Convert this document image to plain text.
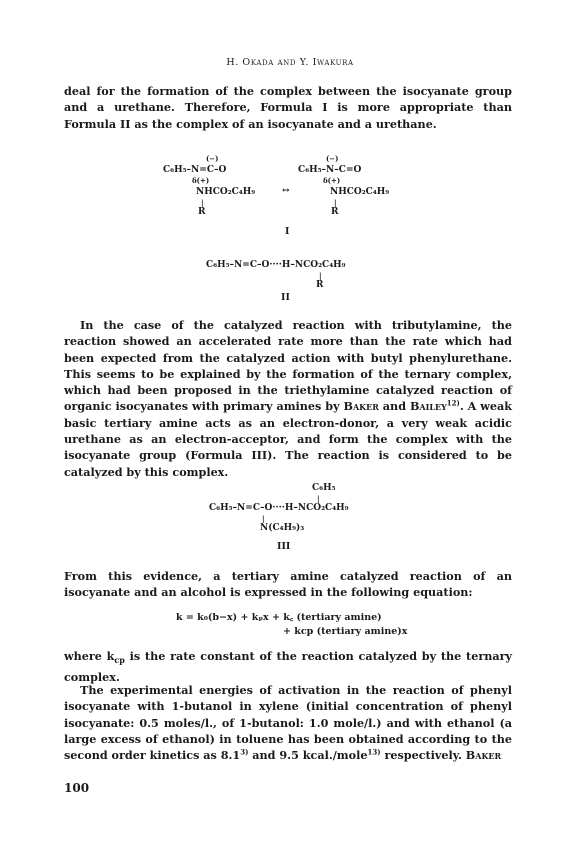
H. Okada and Y. Iwakura

deal for the formation of the complex between the isocyanate group and a urethane. Therefore, Formula I is more appropriate than Formula II as the complex of an isocyanate and a urethane.

(−)
C₆H₅–N=C–O
δ(+)
NHCO₂C₄H₉
|
R
↔
(−)
C₆H₅–N–C=O
δ(+)
NHCO₂C₄H₉
|
R
I
C₆H₅–N=C–O····H–NCO₂C₄H₉
|
R
II

In the case of the catalyzed reaction with tributylamine, the reaction showed an accelerated rate more than the rate which had been expected from the catalyzed action with butyl phenylurethane. This seems to be explained by the formation of the ternary complex, which had been proposed in the triethylamine catalyzed reaction of organic isocyanates with primary amines by Baker and Bailey$^{12)}$. A weak basic tertiary amine acts as an electron-donor, a very weak acidic urethane as an electron-acceptor, and form the complex with the isocyanate group (Formula III). The reaction is considered to be catalyzed by this complex.

C₆H₅
|
C₆H₅–N=C–O····H–NCO₂C₄H₉
|
N(C₄H₉)₃
III

From this evidence, a tertiary amine catalyzed reaction of an isocyanate and an alcohol is expressed in the following equation:

k = k₀(b−x) + kₚx + k꜀ (tertiary amine)
+ kcp (tertiary amine)x

where $k_{cp}$ is the rate constant of the reaction catalyzed by the ternary complex.

The experimental energies of activation in the reaction of phenyl isocyanate with 1-butanol in xylene (initial concentration of phenyl isocyanate: 0.5 moles/l., of 1-butanol: 1.0 mole/l.) and with ethanol (a large excess of ethanol) in toluene has been obtained according to the second order kinetics as 8.1$^{3)}$ and 9.5 kcal./mole$^{13)}$ respectively. Baker

100
